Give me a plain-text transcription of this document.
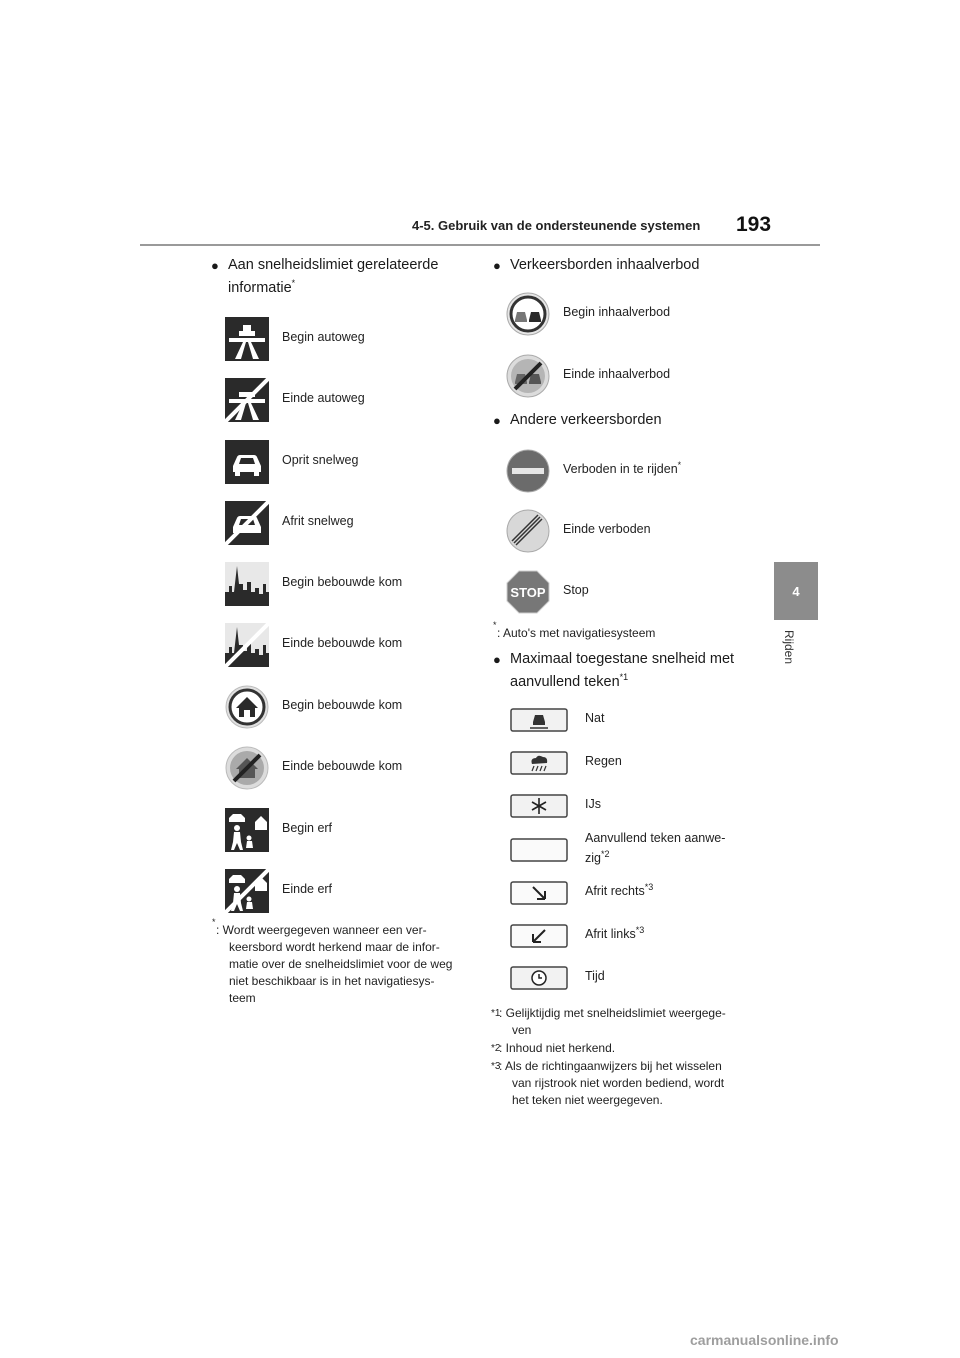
4-5. Gebruik van de ondersteunende systemen 193
4
Rijden
● Aan snelheidslimiet gerelateerde
informatie*
Begin autoweg
Einde autoweg
Oprit snelweg
Afrit snelweg
Begin bebouwde kom
Einde bebouwde kom
Begin bebouwde kom
Einde bebouwde kom
Begin erf
Einde erf
*
: Wordt weergegeven wanneer een ver-
keersbord wordt herkend maar de infor-
matie over de snelheidslimiet voor de weg
niet beschikbaar is in het navigatiesys-
teem
● Verkeersborden inhaalverbod
Begin inhaalverbod
Einde inhaalverbod
● Andere verkeersborden
Verboden in te rijden*
Einde verboden
STOP Stop
*
: Auto's met navigatiesysteem
● Maximaal toegestane snelheid met
aanvullend teken$^{*1}$
Nat
Regen
IJs
Aanvullend teken aanwe-
zig$^{*2}$
Afrit rechts$^{*3}$
Afrit links$^{*3}$
Tijd
*1
: Gelijktijdig met snelheidslimiet weergege-
ven
*2
: Inhoud niet herkend.
*3
: Als de richtingaanwijzers bij het wisselen
van rijstrook niet worden bediend, wordt
het teken niet weergegeven.
carmanualsonline.info
